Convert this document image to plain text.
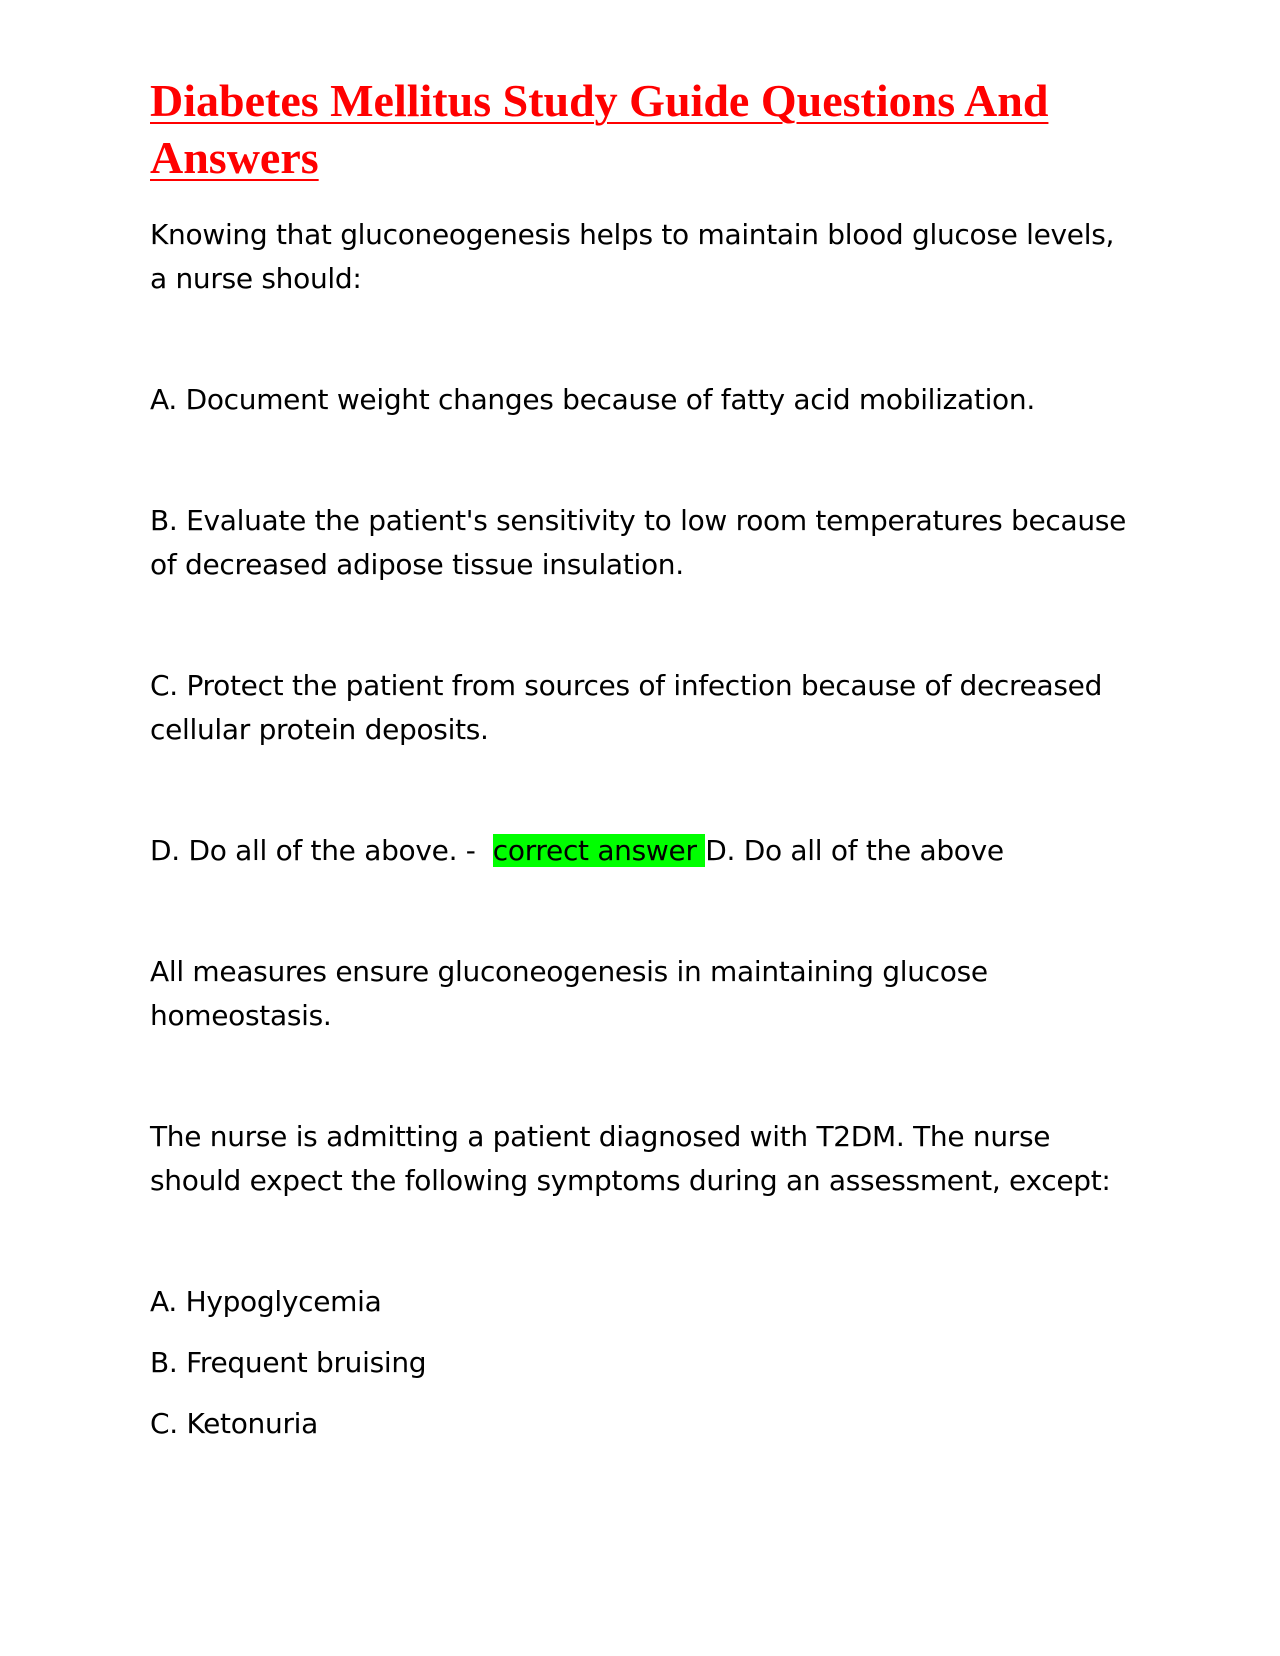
Diabetes Mellitus Study Guide Questions And Answers

Knowing that gluconeogenesis helps to maintain blood glucose levels, a nurse should:

A. Document weight changes because of fatty acid mobilization.

B. Evaluate the patient's sensitivity to low room temperatures because of decreased adipose tissue insulation.

C. Protect the patient from sources of infection because of decreased cellular protein deposits.

D. Do all of the above. -  correct answer D. Do all of the above

All measures ensure gluconeogenesis in maintaining glucose homeostasis.

The nurse is admitting a patient diagnosed with T2DM. The nurse should expect the following symptoms during an assessment, except:

A. Hypoglycemia

B. Frequent bruising

C. Ketonuria
